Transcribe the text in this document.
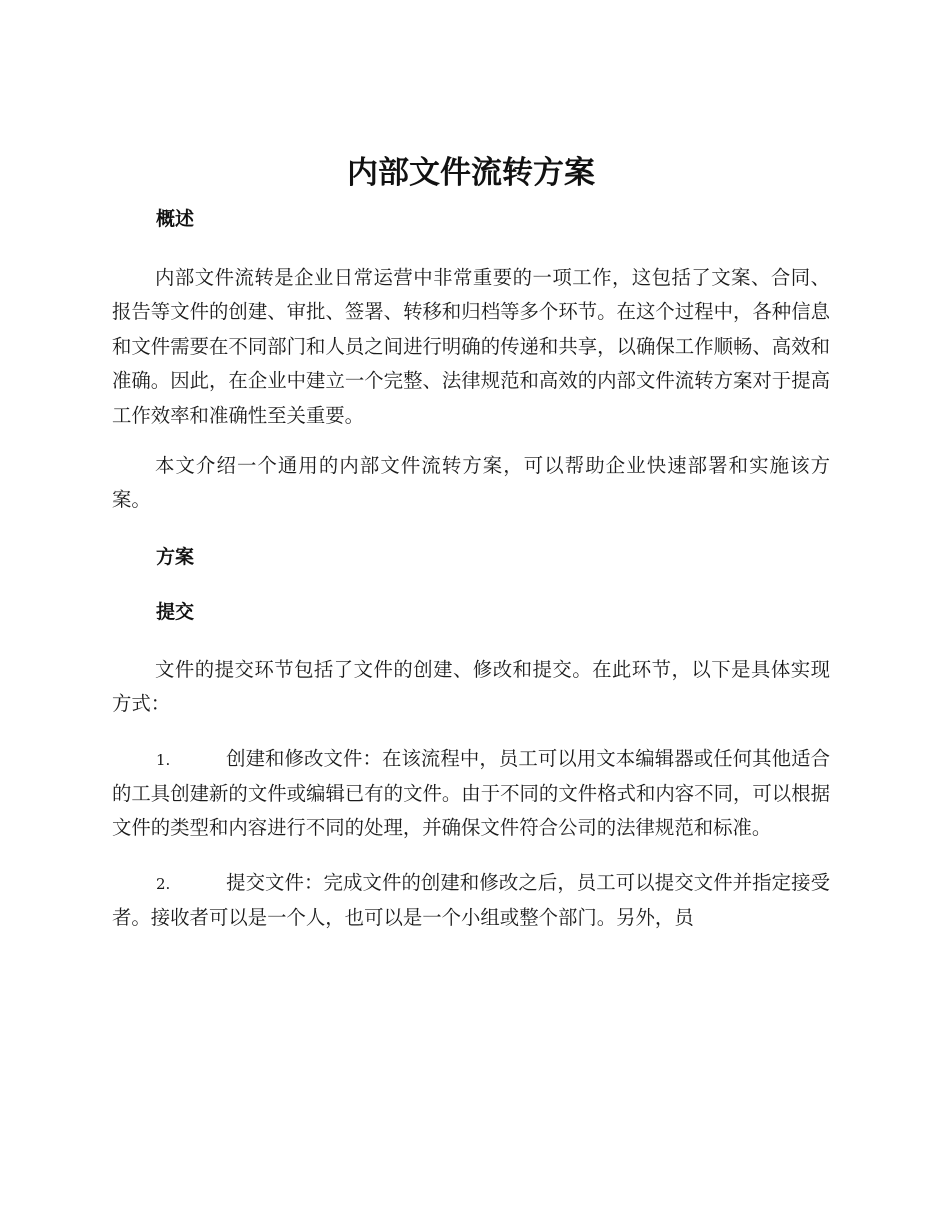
内部文件流转方案
概述

内部文件流转是企业日常运营中非常重要的一项工作，这包括了文案、合同、报告等文件的创建、审批、签署、转移和归档等多个环节。在这个过程中，各种信息和文件需要在不同部门和人员之间进行明确的传递和共享，以确保工作顺畅、高效和准确。因此，在企业中建立一个完整、法律规范和高效的内部文件流转方案对于提高工作效率和准确性至关重要。

本文介绍一个通用的内部文件流转方案，可以帮助企业快速部署和实施该方案。

方案
提交

文件的提交环节包括了文件的创建、修改和提交。在此环节，以下是具体实现方式：

1.	创建和修改文件：在该流程中，员工可以用文本编辑器或任何其他适合的工具创建新的文件或编辑已有的文件。由于不同的文件格式和内容不同，可以根据文件的类型和内容进行不同的处理，并确保文件符合公司的法律规范和标准。

2.	提交文件：完成文件的创建和修改之后，员工可以提交文件并指定接受者。接收者可以是一个人，也可以是一个小组或整个部门。另外，员
